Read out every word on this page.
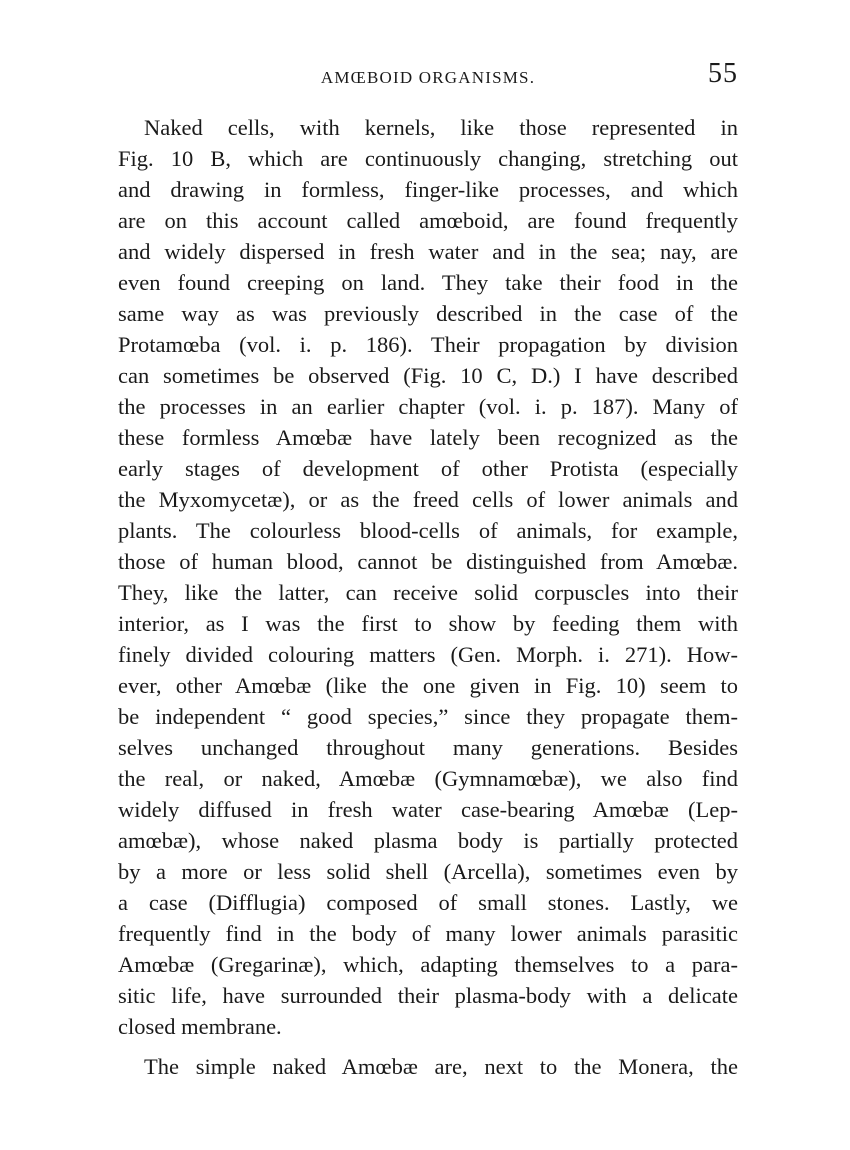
AMŒBOID ORGANISMS.	55
Naked cells, with kernels, like those represented in
Fig. 10 B, which are continuously changing, stretching out
and drawing in formless, finger-like processes, and which
are on this account called amœboid, are found frequently
and widely dispersed in fresh water and in the sea; nay, are
even found creeping on land. They take their food in the
same way as was previously described in the case of the
Protamœba (vol. i. p. 186). Their propagation by division
can sometimes be observed (Fig. 10 C, D.) I have described
the processes in an earlier chapter (vol. i. p. 187). Many of
these formless Amœbæ have lately been recognized as the
early stages of development of other Protista (especially
the Myxomycetæ), or as the freed cells of lower animals and
plants. The colourless blood-cells of animals, for example,
those of human blood, cannot be distinguished from Amœbæ.
They, like the latter, can receive solid corpuscles into their
interior, as I was the first to show by feeding them with
finely divided colouring matters (Gen. Morph. i. 271). How-
ever, other Amœbæ (like the one given in Fig. 10) seem to
be independent “ good species,” since they propagate them-
selves unchanged throughout many generations. Besides
the real, or naked, Amœbæ (Gymnamœbæ), we also find
widely diffused in fresh water case-bearing Amœbæ (Lep-
amœbæ), whose naked plasma body is partially protected
by a more or less solid shell (Arcella), sometimes even by
a case (Difflugia) composed of small stones. Lastly, we
frequently find in the body of many lower animals parasitic
Amœbæ (Gregarinæ), which, adapting themselves to a para-
sitic life, have surrounded their plasma-body with a delicate
closed membrane.
The simple naked Amœbæ are, next to the Monera, the
